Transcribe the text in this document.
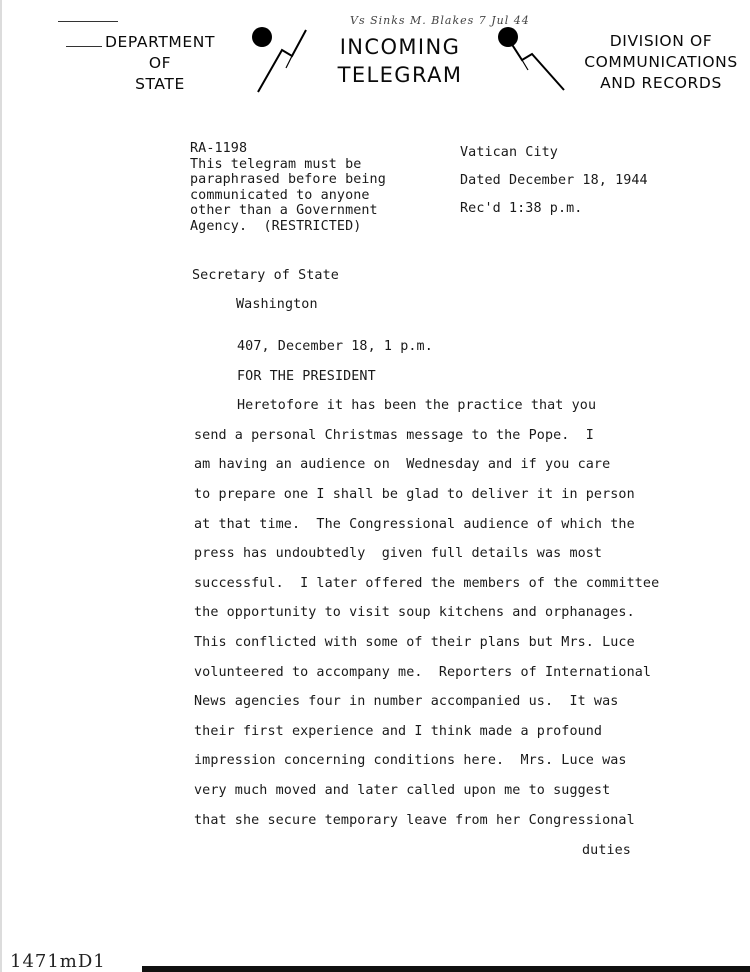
Vs Sinks M. Blakes 7 Jul 44
DEPARTMENT
OF
STATE
INCOMING
TELEGRAM
DIVISION OF
COMMUNICATIONS
AND RECORDS
RA-1198
This telegram must be
paraphrased before being
communicated to anyone
other than a Government
Agency.  (RESTRICTED)
Vatican City
Dated December 18, 1944
Rec'd 1:38 p.m.
Secretary of State
Washington
407, December 18, 1 p.m.
FOR THE PRESIDENT
Heretofore it has been the practice that you
send a personal Christmas message to the Pope.  I
am having an audience on  Wednesday and if you care
to prepare one I shall be glad to deliver it in person
at that time.  The Congressional audience of which the
press has undoubtedly  given full details was most
successful.  I later offered the members of the committee
the opportunity to visit soup kitchens and orphanages.
This conflicted with some of their plans but Mrs. Luce
volunteered to accompany me.  Reporters of International
News agencies four in number accompanied us.  It was
their first experience and I think made a profound
impression concerning conditions here.  Mrs. Luce was
very much moved and later called upon me to suggest
that she secure temporary leave from her Congressional
duties
1471mD1
